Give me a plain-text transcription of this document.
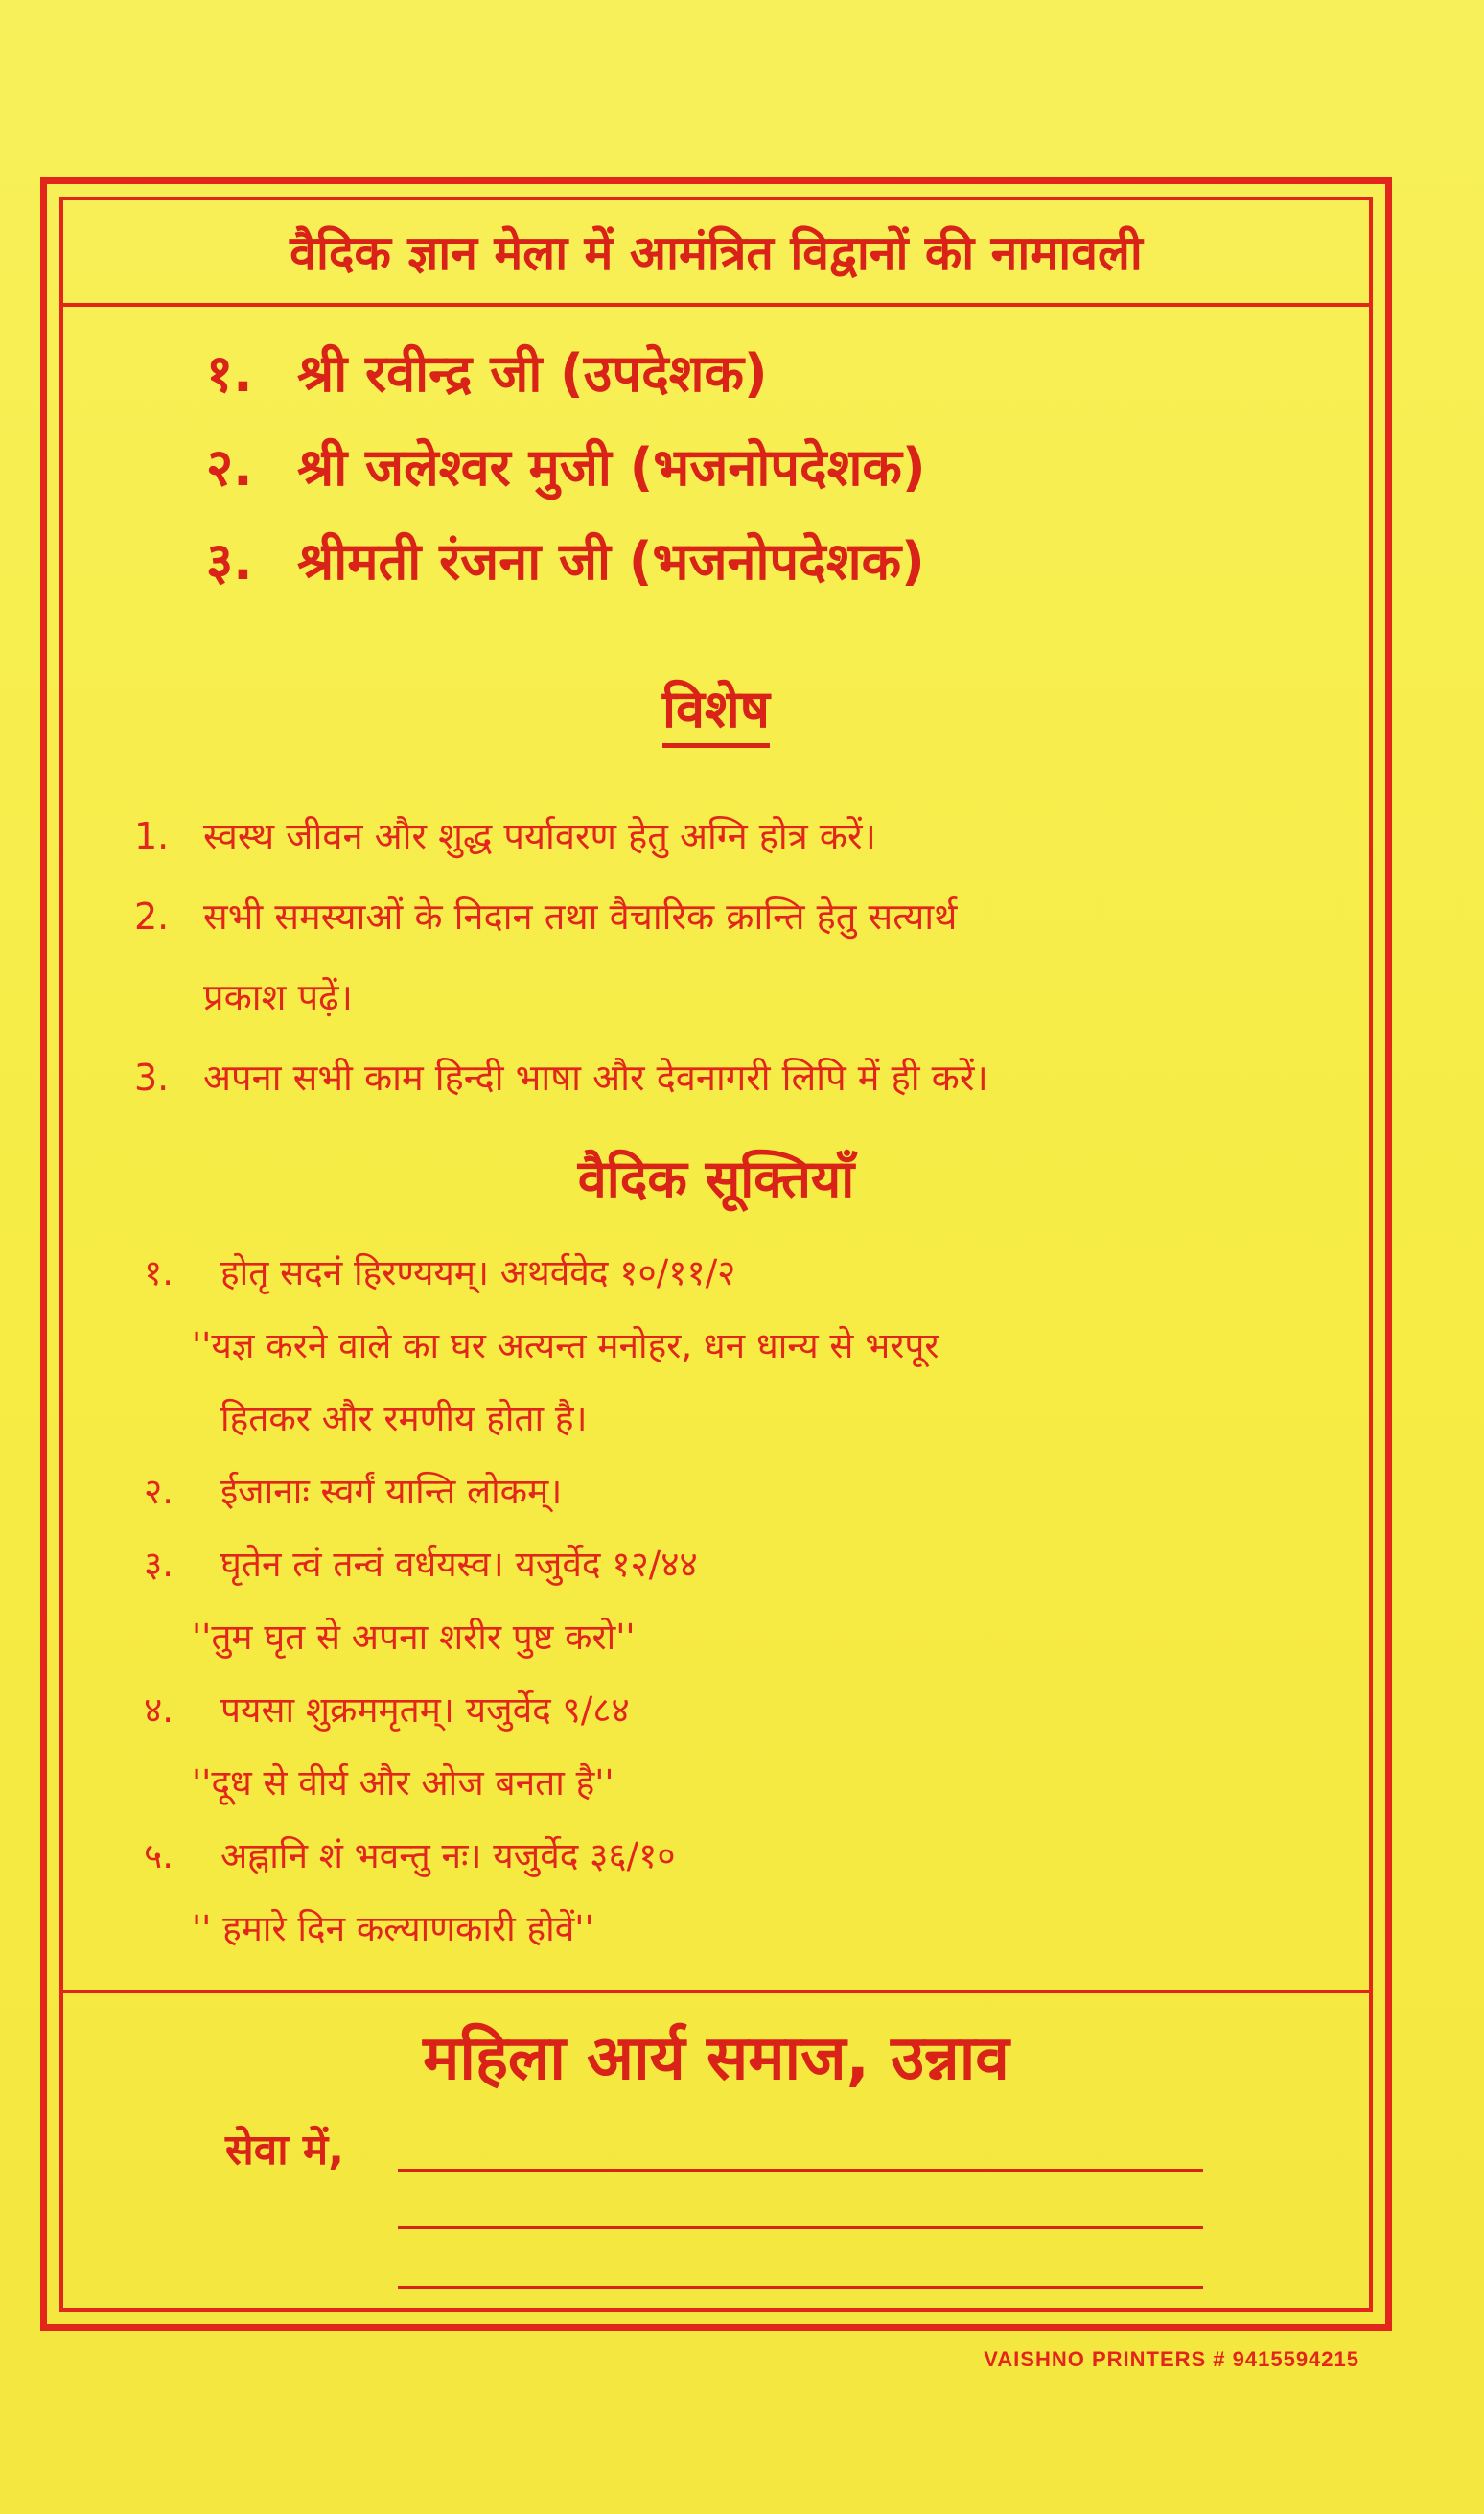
वैदिक ज्ञान मेला में आमंत्रित विद्वानों की नामावली
१. श्री रवीन्द्र जी (उपदेशक)
२. श्री जलेश्वर मुजी (भजनोपदेशक)
३. श्रीमती रंजना जी (भजनोपदेशक)
विशेष
1. स्वस्थ जीवन और शुद्ध पर्यावरण हेतु अग्नि होत्र करें।
2. सभी समस्याओं के निदान तथा वैचारिक क्रान्ति हेतु सत्यार्थ
प्रकाश पढ़ें।
3. अपना सभी काम हिन्दी भाषा और देवनागरी लिपि में ही करें।
वैदिक सूक्तियाँ
१. होतृ सदनं हिरण्ययम्। अथर्ववेद १०/११/२
''यज्ञ करने वाले का घर अत्यन्त मनोहर, धन धान्य से भरपूर
हितकर और रमणीय होता है।
२. ईजानाः स्वर्गं यान्ति लोकम्।
३. घृतेन त्वं तन्वं वर्धयस्व। यजुर्वेद १२/४४
''तुम घृत से अपना शरीर पुष्ट करो''
४. पयसा शुक्रममृतम्। यजुर्वेद ९/८४
''दूध से वीर्य और ओज बनता है''
५. अह्नानि शं भवन्तु नः। यजुर्वेद ३६/१०
'' हमारे दिन कल्याणकारी होवें''
महिला आर्य समाज, उन्नाव
सेवा में,
VAISHNO PRINTERS # 9415594215
